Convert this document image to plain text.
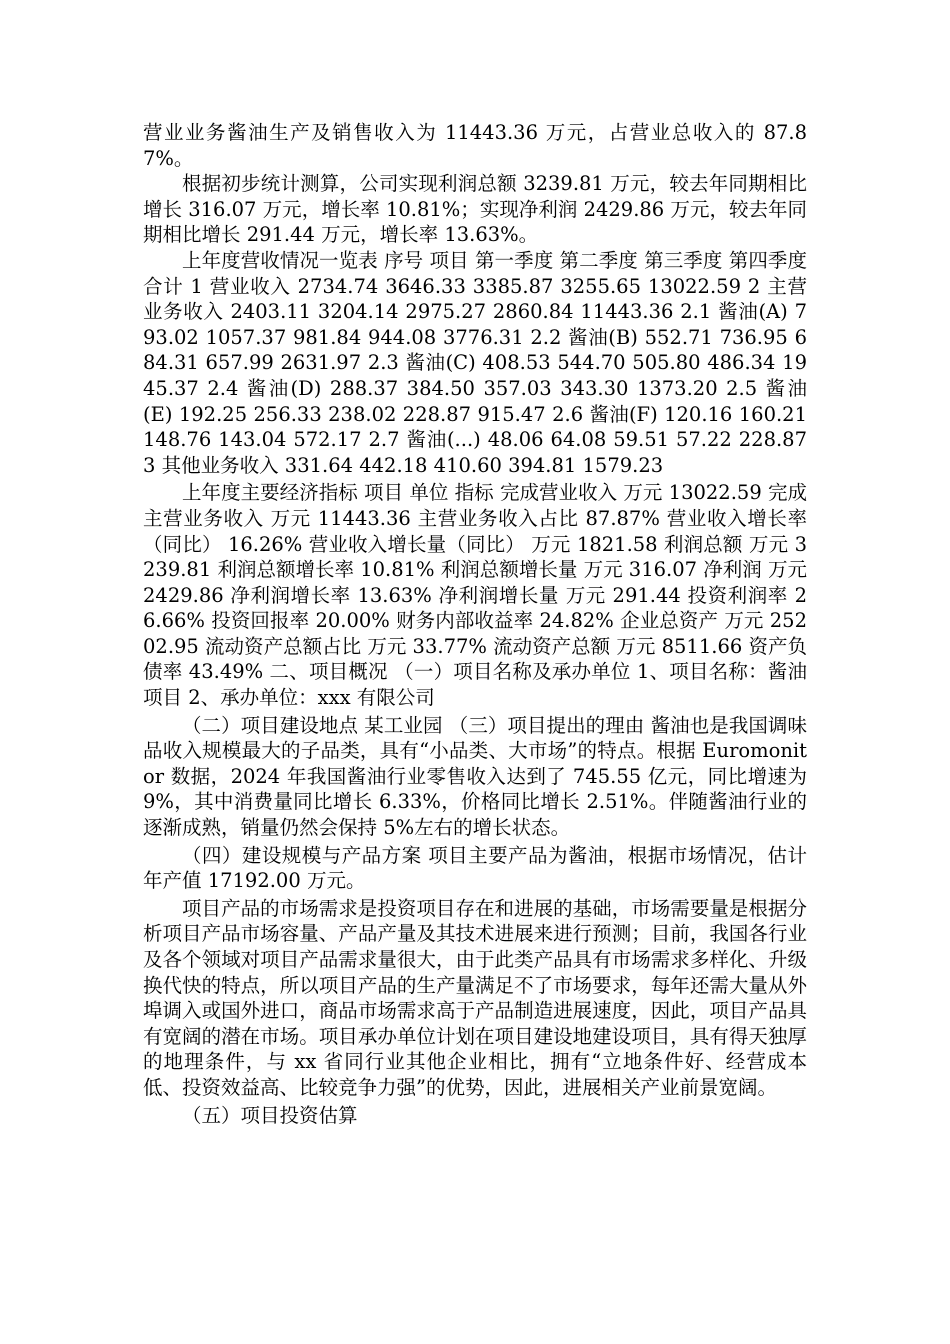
营业业务酱油生产及销售收入为 11443.36 万元，占营业总收入的 87.87%。

根据初步统计测算，公司实现利润总额 3239.81 万元，较去年同期相比增长 316.07 万元，增长率 10.81%；实现净利润 2429.86 万元，较去年同期相比增长 291.44 万元，增长率 13.63%。

上年度营收情况一览表 序号 项目 第一季度 第二季度 第三季度 第四季度 合计 1 营业收入 2734.74 3646.33 3385.87 3255.65 13022.59 2 主营业务收入 2403.11 3204.14 2975.27 2860.84 11443.36 2.1 酱油(A) 793.02 1057.37 981.84 944.08 3776.31 2.2 酱油(B) 552.71 736.95 684.31 657.99 2631.97 2.3 酱油(C) 408.53 544.70 505.80 486.34 1945.37 2.4 酱油(D) 288.37 384.50 357.03 343.30 1373.20 2.5 酱油(E) 192.25 256.33 238.02 228.87 915.47 2.6 酱油(F) 120.16 160.21 148.76 143.04 572.17 2.7 酱油(...) 48.06 64.08 59.51 57.22 228.87 3 其他业务收入 331.64 442.18 410.60 394.81 1579.23

上年度主要经济指标 项目 单位 指标 完成营业收入 万元 13022.59 完成主营业务收入 万元 11443.36 主营业务收入占比 87.87% 营业收入增长率（同比） 16.26% 营业收入增长量（同比） 万元 1821.58 利润总额 万元 3239.81 利润总额增长率 10.81% 利润总额增长量 万元 316.07 净利润 万元 2429.86 净利润增长率 13.63% 净利润增长量 万元 291.44 投资利润率 26.66% 投资回报率 20.00% 财务内部收益率 24.82% 企业总资产 万元 25202.95 流动资产总额占比 万元 33.77% 流动资产总额 万元 8511.66 资产负债率 43.49% 二、项目概况 （一）项目名称及承办单位 1、项目名称：酱油项目 2、承办单位：xxx 有限公司

（二）项目建设地点 某工业园 （三）项目提出的理由 酱油也是我国调味品收入规模最大的子品类，具有“小品类、大市场”的特点。根据 Euromonitor 数据，2024 年我国酱油行业零售收入达到了 745.55 亿元，同比增速为 9%，其中消费量同比增长 6.33%，价格同比增长 2.51%。伴随酱油行业的逐渐成熟，销量仍然会保持 5%左右的增长状态。

（四）建设规模与产品方案 项目主要产品为酱油，根据市场情况，估计年产值 17192.00 万元。

项目产品的市场需求是投资项目存在和进展的基础，市场需要量是根据分析项目产品市场容量、产品产量及其技术进展来进行预测；目前，我国各行业及各个领域对项目产品需求量很大，由于此类产品具有市场需求多样化、升级换代快的特点，所以项目产品的生产量满足不了市场要求，每年还需大量从外埠调入或国外进口，商品市场需求高于产品制造进展速度，因此，项目产品具有宽阔的潜在市场。项目承办单位计划在项目建设地建设项目，具有得天独厚的地理条件，与 xx 省同行业其他企业相比，拥有“立地条件好、经营成本低、投资效益高、比较竞争力强”的优势，因此，进展相关产业前景宽阔。

（五）项目投资估算
